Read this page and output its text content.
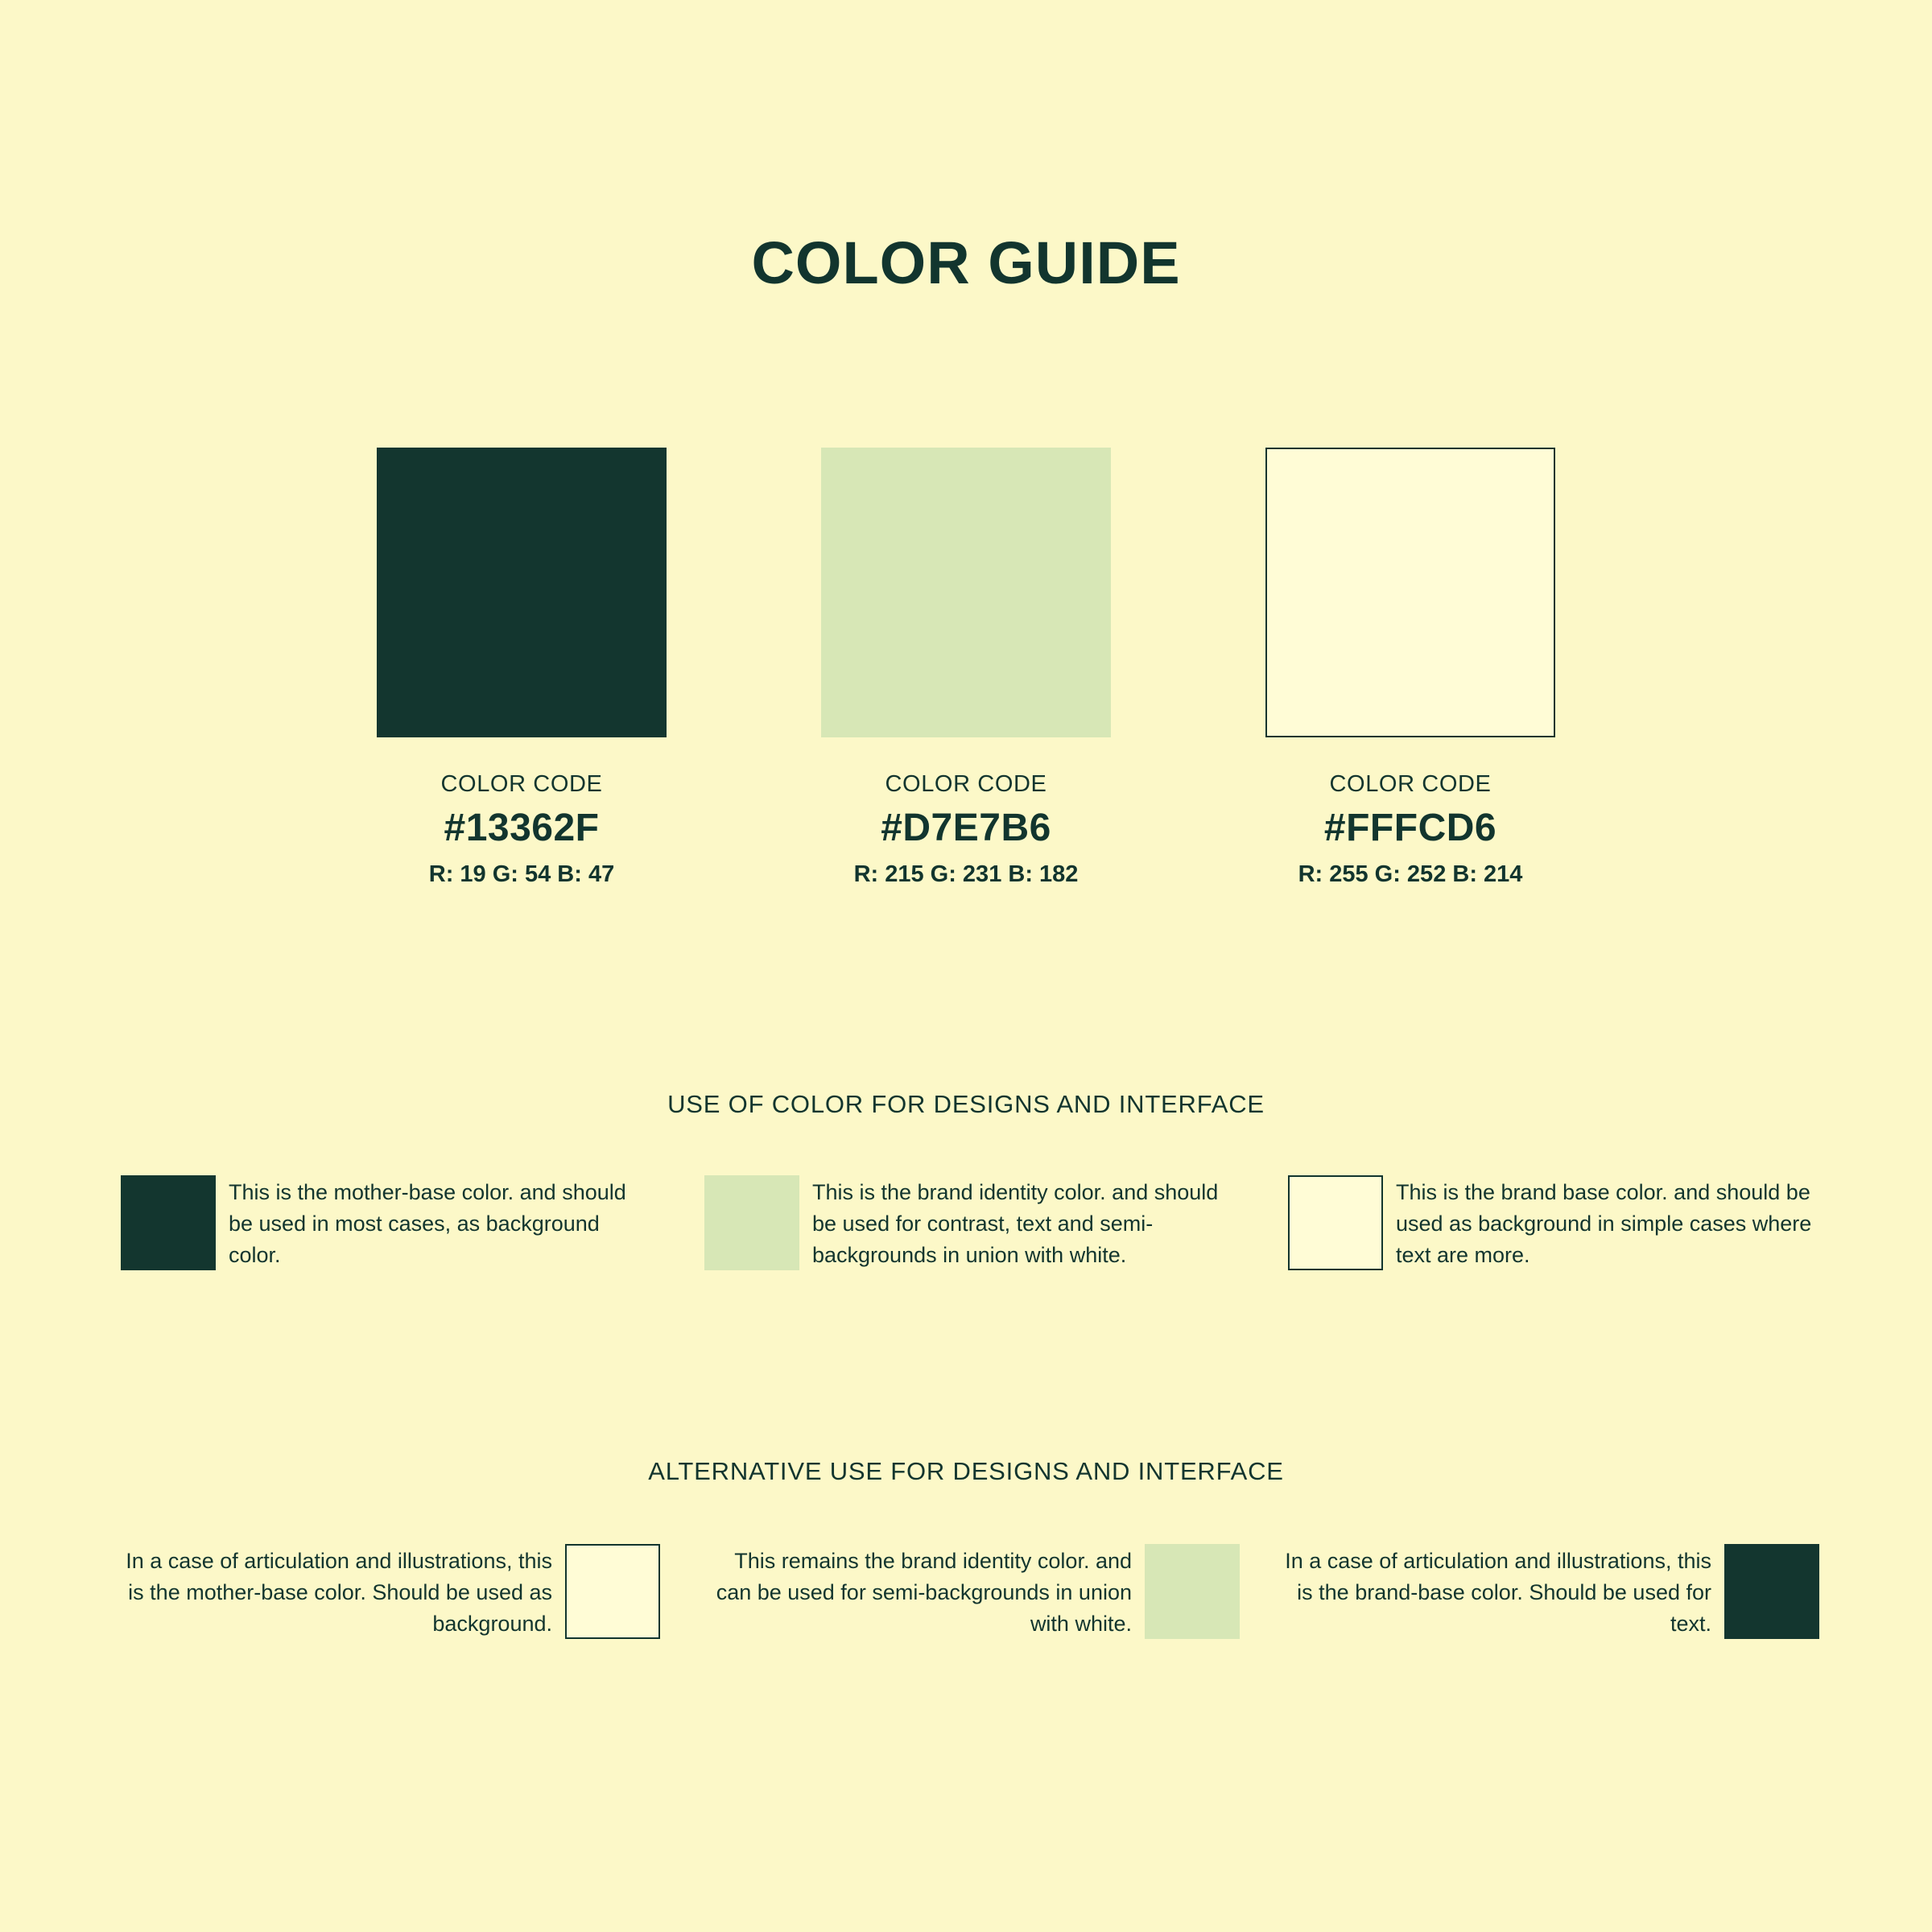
COLOR GUIDE
COLOR CODE
#13362F
R: 19 G: 54 B: 47
COLOR CODE
#D7E7B6
R: 215 G: 231 B: 182
COLOR CODE
#FFFCD6
R: 255 G: 252 B: 214
USE OF COLOR FOR DESIGNS AND INTERFACE
This is the mother-base color. and should be used in most cases, as background color.
This is the brand identity color. and should be used for contrast, text and semi-backgrounds in union with white.
This is the brand base color. and should be used as background in simple cases where text are more.
ALTERNATIVE USE FOR DESIGNS AND INTERFACE
In a case of articulation and illustrations, this is the mother-base color. Should be used as background.
This remains the brand identity color. and can be used for semi-backgrounds in union with white.
In a case of articulation and illustrations, this is the brand-base color. Should be used for text.
